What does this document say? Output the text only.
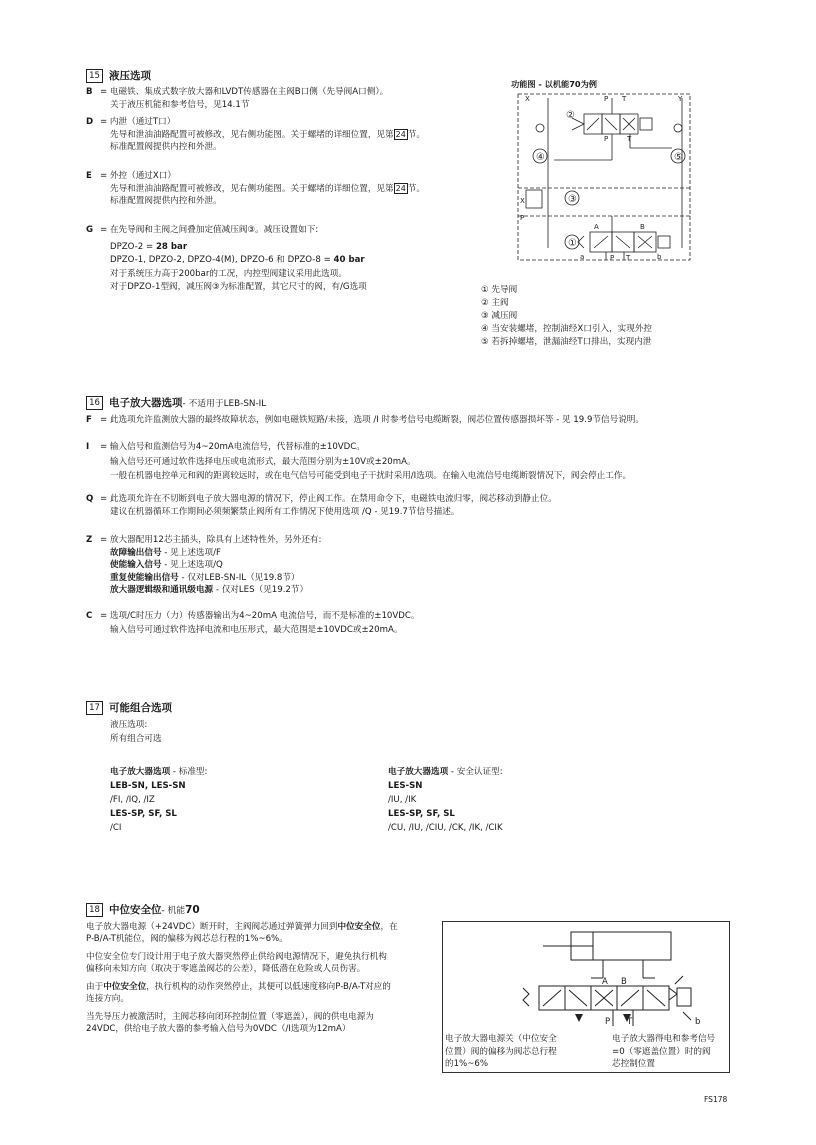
15 液压选项
B = 电磁铁、集成式数字放大器和LVDT传感器在主阀B口侧（先导阀A口侧）。
关于液压机能和参考信号，见14.1节
D = 内泄（通过T口）
先导和泄油油路配置可被修改，见右侧功能图。关于螺堵的详细位置，见第 24 节。
标准配置阀提供内控和外泄。
E = 外控（通过X口）
先导和泄油油路配置可被修改，见右侧功能图。关于螺堵的详细位置，见第 24 节。
标准配置阀提供内控和外泄。
G = 在先导阀和主阀之间叠加定值减压阀③。减压设置如下:
DPZO-2 = 28 bar
DPZO-1, DPZO-2, DPZO-4(M), DPZO-6 和 DPZO-8 = 40 bar
对于系统压力高于200bar的工况，内控型阀建议采用此选项。
对于DPZO-1型阀，减压阀③为标准配置，其它尺寸的阀，有/G选项
功能图 - 以机能70为例
X	P T	Y
P	T
X
P
A	B
P T	b
a
②
④	⑤
③
①
① 先导阀
② 主阀
③ 减压阀
④ 当安装螺堵，控制油经X口引入，实现外控
⑤ 若拆掉螺堵，泄漏油经T口排出，实现内泄
16 电子放大器选项 - 不适用于LEB-SN-IL
F = 此选项允许监测放大器的最终故障状态，例如电磁铁短路/未接，选项 /I 时参考信号电缆断裂，阀芯位置传感器损坏等 - 见 19.9节信号说明。
I = 输入信号和监测信号为4~20mA电流信号，代替标准的±10VDC。
输入信号还可通过软件选择电压或电流形式，最大范围分别为±10V或±20mA。
一般在机器电控单元和阀的距离较远时，或在电气信号可能受到电子干扰时采用/I选项。在输入电流信号电缆断裂情况下，阀会停止工作。
Q = 此选项允许在不切断到电子放大器电源的情况下，停止阀工作。在禁用命令下，电磁铁电流归零，阀芯移动到静止位。
建议在机器循环工作期间必须频繁禁止阀所有工作情况下使用选项 /Q - 见19.7节信号描述。
Z = 放大器配用12芯主插头，除具有上述特性外，另外还有:
故障输出信号 - 见上述选项/F
使能输入信号 - 见上述选项/Q
重复使能输出信号 - 仅对LEB-SN-IL（见19.8节）
放大器逻辑级和通讯级电源 - 仅对LES（见19.2节）
C = 选项/C时压力（力）传感器输出为4~20mA 电流信号，而不是标准的±10VDC。
输入信号可通过软件选择电流和电压形式，最大范围是±10VDC或±20mA。
17 可能组合选项
液压选项:
所有组合可选
电子放大器选项 - 标准型:
LEB-SN, LES-SN
/FI, /IQ, /IZ
LES-SP, SF, SL
/CI
电子放大器选项 - 安全认证型:
LES-SN
/IU, /IK
LES-SP, SF, SL
/CU, /IU, /CIU, /CK, /IK, /CIK
18 中位安全位 - 机能 70
电子放大器电源（+24VDC）断开时，主阀阀芯通过弹簧弹力回到中位安全位，在
P-B/A-T机能位，阀的偏移为阀芯总行程的1%~6%。
中位安全位专门设计用于电子放大器突然停止供给阀电源情况下，避免执行机构
偏移向未知方向（取决于零遮盖阀芯的公差），降低潜在危险或人员伤害。
由于中位安全位，执行机构的动作突然停止，其便可以低速度移向P-B/A-T对应的
连接方向。
当先导压力被激活时，主阀芯移向闭环控制位置（零遮盖），阀的供电电源为
24VDC，供给电子放大器的参考输入信号为0VDC（/I选项为12mA）
A B
P T	b
电子放大器电源关（中位安全
位置）阀的偏移为阀芯总行程
的1%~6%
电子放大器得电和参考信号
=0（零遮盖位置）时的阀
芯控制位置
FS178
